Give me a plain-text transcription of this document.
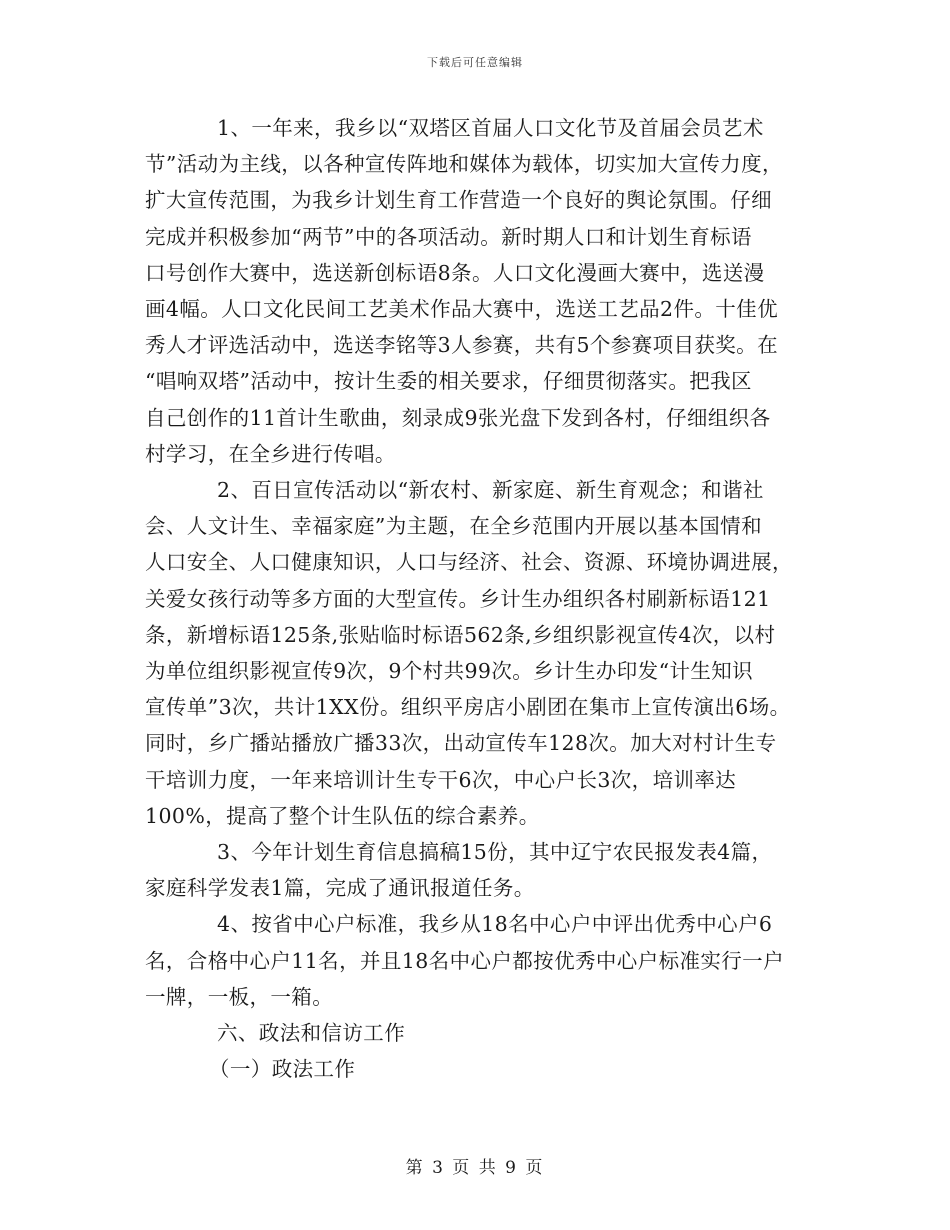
下载后可任意编辑
1、一年来，我乡以“双塔区首届人口文化节及首届会员艺术
节”活动为主线，以各种宣传阵地和媒体为载体，切实加大宣传力度，
扩大宣传范围，为我乡计划生育工作营造一个良好的舆论氛围。仔细
完成并积极参加“两节”中的各项活动。新时期人口和计划生育标语
口号创作大赛中，选送新创标语8条。人口文化漫画大赛中，选送漫
画4幅。人口文化民间工艺美术作品大赛中，选送工艺品2件。十佳优
秀人才评选活动中，选送李铭等3人参赛，共有5个参赛项目获奖。在
“唱响双塔”活动中，按计生委的相关要求，仔细贯彻落实。把我区
自己创作的11首计生歌曲，刻录成9张光盘下发到各村，仔细组织各
村学习，在全乡进行传唱。
2、百日宣传活动以“新农村、新家庭、新生育观念；和谐社
会、人文计生、幸福家庭”为主题，在全乡范围内开展以基本国情和
人口安全、人口健康知识，人口与经济、社会、资源、环境协调进展，
关爱女孩行动等多方面的大型宣传。乡计生办组织各村刷新标语121
条，新增标语125条,张贴临时标语562条,乡组织影视宣传4次，以村
为单位组织影视宣传9次，9个村共99次。乡计生办印发“计生知识
宣传单”3次，共计1XX份。组织平房店小剧团在集市上宣传演出6场。
同时，乡广播站播放广播33次，出动宣传车128次。加大对村计生专
干培训力度，一年来培训计生专干6次，中心户长3次，培训率达
100%，提高了整个计生队伍的综合素养。
3、今年计划生育信息搞稿15份，其中辽宁农民报发表4篇，
家庭科学发表1篇，完成了通讯报道任务。
4、按省中心户标准，我乡从18名中心户中评出优秀中心户6
名，合格中心户11名，并且18名中心户都按优秀中心户标准实行一户
一牌，一板，一箱。
六、政法和信访工作
（一）政法工作
第 3 页 共 9 页
